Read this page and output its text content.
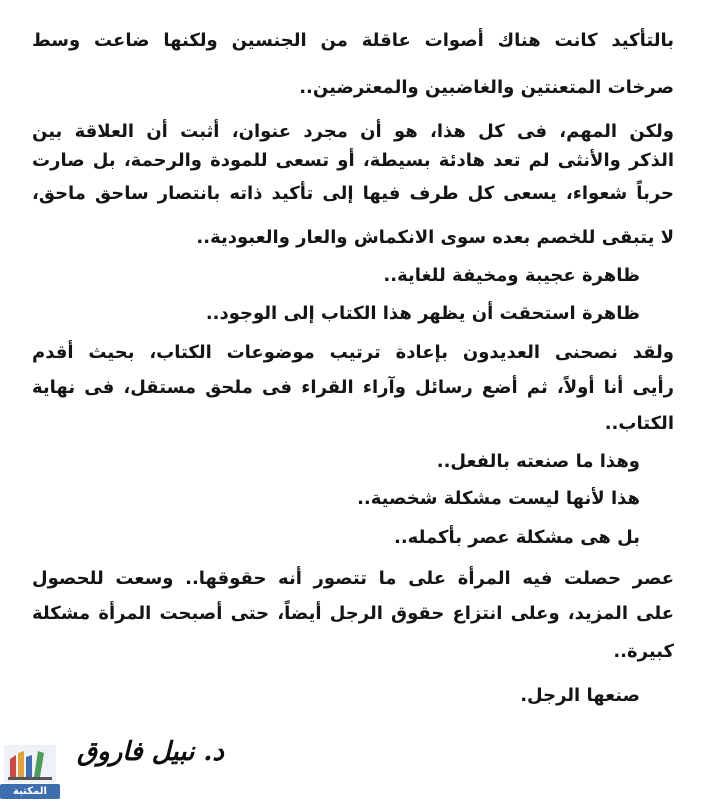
بالتأكيد كانت هناك أصوات عاقلة من الجنسين ولكنها ضاعت وسط
صرخات المتعنتين والغاضبين والمعترضين..
ولكن المهم، فى كل هذا، هو أن مجرد عنوان، أثبت أن العلاقة بين
الذكر والأنثى لم تعد هادئة بسيطة، أو تسعى للمودة والرحمة، بل صارت
حرباً شعواء، يسعى كل طرف فيها إلى تأكيد ذاته بانتصار ساحق ماحق،
لا يتبقى للخصم بعده سوى الانكماش والعار والعبودية..
ظاهرة عجيبة ومخيفة للغاية..
ظاهرة استحقت أن يظهر هذا الكتاب إلى الوجود..
ولقد نصحنى العديدون بإعادة ترتيب موضوعات الكتاب، بحيث أقدم
رأيى أنا أولاً، ثم أضع رسائل وآراء القراء فى ملحق مستقل، فى نهاية
الكتاب..
وهذا ما صنعته بالفعل..
هذا لأنها ليست مشكلة شخصية..
بل هى مشكلة عصر بأكمله..
عصر حصلت فيه المرأة على ما تتصور أنه حقوقها.. وسعت للحصول
على المزيد، وعلى انتزاع حقوق الرجل أيضاً، حتى أصبحت المرأة مشكلة
كبيرة..
صنعها الرجل.
د. نبيل فاروق
المكتبة
